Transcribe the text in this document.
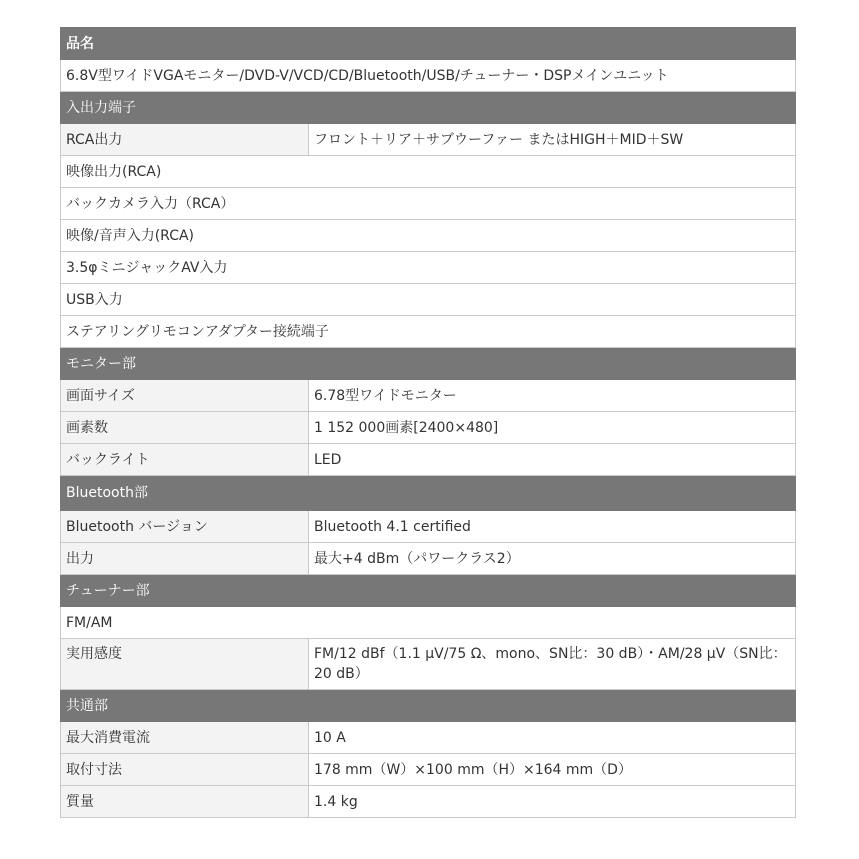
品名	
6.8V型ワイドVGAモニター/DVD-V/VCD/CD/Bluetooth/USB/チューナー・DSPメインユニット	
入出力端子	
RCA出力	フロント＋リア＋サブウーファー またはHIGH＋MID＋SW
映像出力(RCA)	
バックカメラ入力（RCA）	
映像/音声入力(RCA)	
3.5φミニジャックAV入力	
USB入力	
ステアリングリモコンアダプター接続端子	
モニター部	
画面サイズ	6.78型ワイドモニター
画素数	1 152 000画素[2400×480]
バックライト	LED
Bluetooth部	
Bluetooth バージョン	Bluetooth 4.1 certified
出力	最大+4 dBm（パワークラス2）
チューナー部	
FM/AM	
実用感度	FM/12 dBf（1.1 μV/75 Ω、mono、SN比：30 dB）・AM/28 μV（SN比：20 dB）
共通部	
最大消費電流	10 A
取付寸法	178 mm（W）×100 mm（H）×164 mm（D）
質量	1.4 kg
